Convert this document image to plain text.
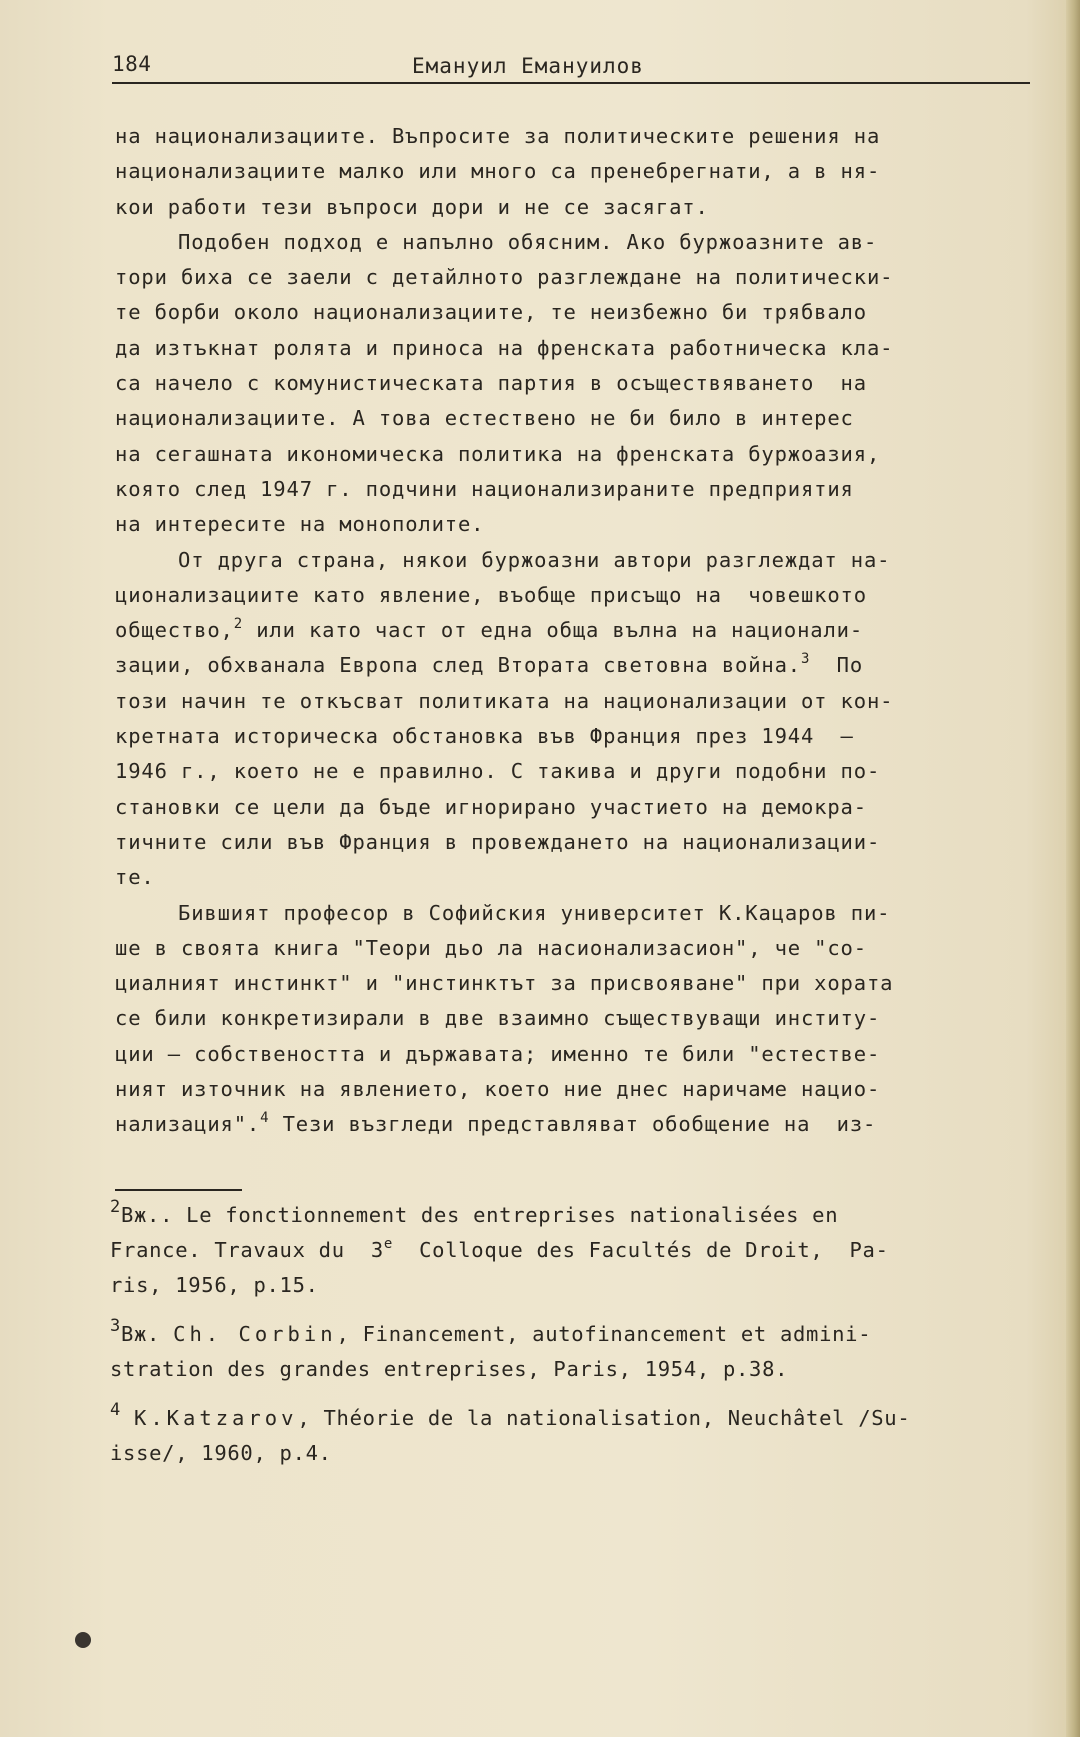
184	Емануил Емануилов
на национализациите. Въпросите за политическите решения на
национализациите малко или много са пренебрегнати, а в ня-
кои работи тези въпроси дори и не се засягат.
Подобен подход е напълно обясним. Ако буржоазните ав-
тори биха се заели с детайлното разглеждане на политически-
те борби около национализациите, те неизбежно би трябвало
да изтъкнат ролята и приноса на френската работническа кла-
са начело с комунистическата партия в осъществяването  на
национализациите. А това естествено не би било в интерес
на сегашната икономическа политика на френската буржоазия,
която след 1947 г. подчини национализираните предприятия
на интересите на монополите.
От друга страна, някои буржоазни автори разглеждат на-
ционализациите като явление, въобще присъщо на  човешкото
общество,$^2$ или като част от една обща вълна на национали-
зации, обхванала Европа след Втората световна война.$^3$  По
този начин те откъсват политиката на национализации от кон-
кретната историческа обстановка във Франция през 1944  –
1946 г., което не е правилно. С такива и други подобни по-
становки се цели да бъде игнорирано участието на демокра-
тичните сили във Франция в провеждането на национализации-
те.
Бившият професор в Софийския университет К.Кацаров пи-
ше в своята книга "Теори дьо ла насионализасион", че "со-
циалният инстинкт" и "инстинктът за присвояване" при хората
се били конкретизирали в две взаимно съществуващи институ-
ции – собствеността и държавата; именно те били "естестве-
ният източник на явлението, което ние днес наричаме нацио-
нализация".$^4$ Тези възгледи представляват обобщение на  из-
$^2$Вж.. Le fonctionnement des entreprises nationalisées en
France. Travaux du  3e  Colloque des Facultés de Droit,  Pa-
ris, 1956, p.15.
$^3$Вж. Ch. Corbin, Financement, autofinancement et admini-
stration des grandes entreprises, Paris, 1954, p.38.
$^4$ K.Katzarov, Théorie de la nationalisation, Neuchâtel /Su-
isse/, 1960, p.4.
